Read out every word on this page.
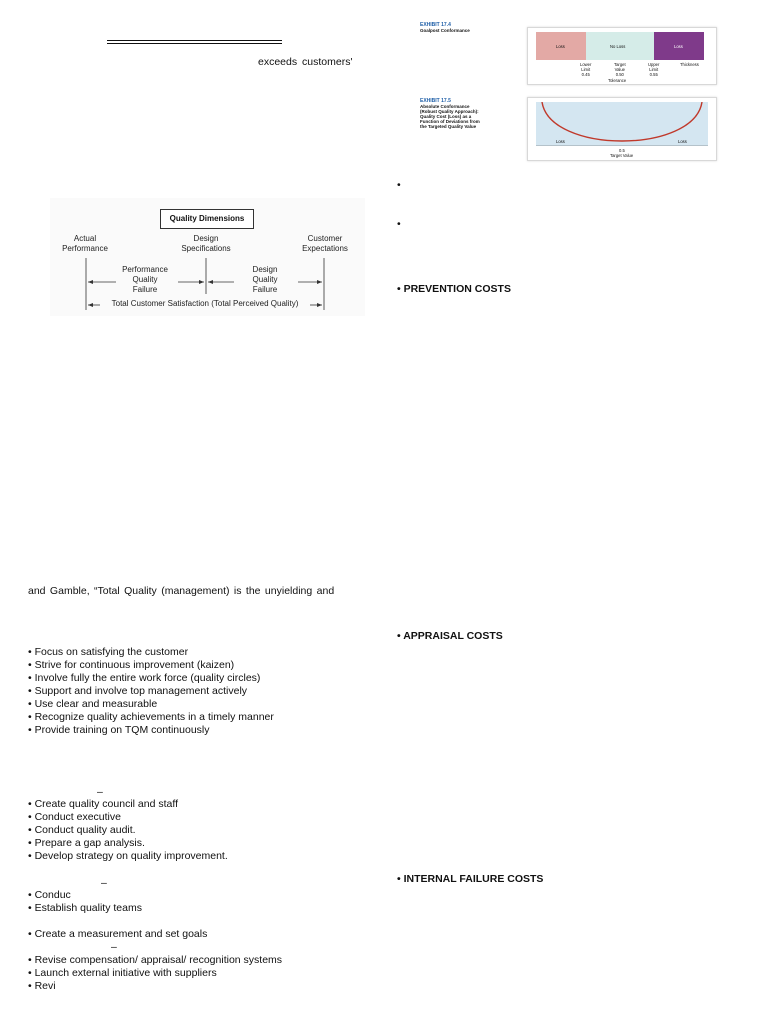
exceeds customers'
Quality Dimensions
Actual
Performance
Design
Specifications
Customer
Expectations
Performance
Quality
Failure
Design
Quality
Failure
Total Customer Satisfaction (Total Perceived Quality)
and Gamble, “Total Quality (management) is the unyielding and
• Focus on satisfying the customer
• Strive for continuous improvement (kaizen)
• Involve fully the entire work force (quality circles)
• Support and involve top management actively
• Use clear and measurable
• Recognize quality achievements in a timely manner
• Provide training on TQM continuously
–
• Create quality council and staff
• Conduct executive
• Conduct quality audit.
• Prepare a gap analysis.
• Develop strategy on quality improvement.
–
• Conduc
• Establish quality teams
• Create a measurement and set goals
–
• Revise compensation/ appraisal/ recognition systems
• Launch external initiative with suppliers
• Revi
EXHIBIT 17.4
Goalpost Conformance
Loss	No Loss	Loss
Lower
Limit
0.45
Target
Value
0.50
Upper
Limit
0.55
Thickness
Tolerance
EXHIBIT 17.5
Absolute Conformance
(Robust Quality Approach):
Quality Cost (Loss) as a
Function of Deviations from
the Targeted Quality Value
Loss	Loss
0.5
Target Value
•
•
• PREVENTION COSTS
• APPRAISAL COSTS
• INTERNAL FAILURE COSTS
